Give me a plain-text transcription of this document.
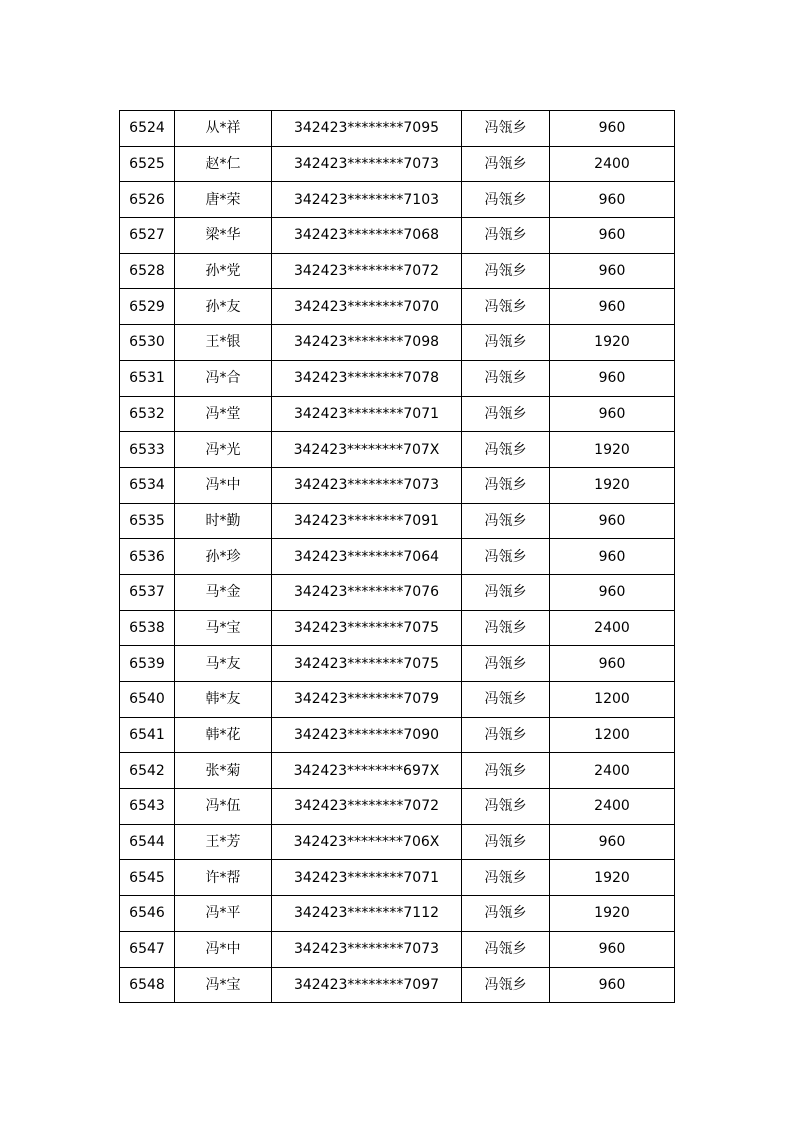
6524	从*祥	342423********7095	冯瓴乡	960
6525	赵*仁	342423********7073	冯瓴乡	2400
6526	唐*荣	342423********7103	冯瓴乡	960
6527	梁*华	342423********7068	冯瓴乡	960
6528	孙*党	342423********7072	冯瓴乡	960
6529	孙*友	342423********7070	冯瓴乡	960
6530	王*银	342423********7098	冯瓴乡	1920
6531	冯*合	342423********7078	冯瓴乡	960
6532	冯*堂	342423********7071	冯瓴乡	960
6533	冯*光	342423********707X	冯瓴乡	1920
6534	冯*中	342423********7073	冯瓴乡	1920
6535	时*勤	342423********7091	冯瓴乡	960
6536	孙*珍	342423********7064	冯瓴乡	960
6537	马*金	342423********7076	冯瓴乡	960
6538	马*宝	342423********7075	冯瓴乡	2400
6539	马*友	342423********7075	冯瓴乡	960
6540	韩*友	342423********7079	冯瓴乡	1200
6541	韩*花	342423********7090	冯瓴乡	1200
6542	张*菊	342423********697X	冯瓴乡	2400
6543	冯*伍	342423********7072	冯瓴乡	2400
6544	王*芳	342423********706X	冯瓴乡	960
6545	许*帮	342423********7071	冯瓴乡	1920
6546	冯*平	342423********7112	冯瓴乡	1920
6547	冯*中	342423********7073	冯瓴乡	960
6548	冯*宝	342423********7097	冯瓴乡	960
